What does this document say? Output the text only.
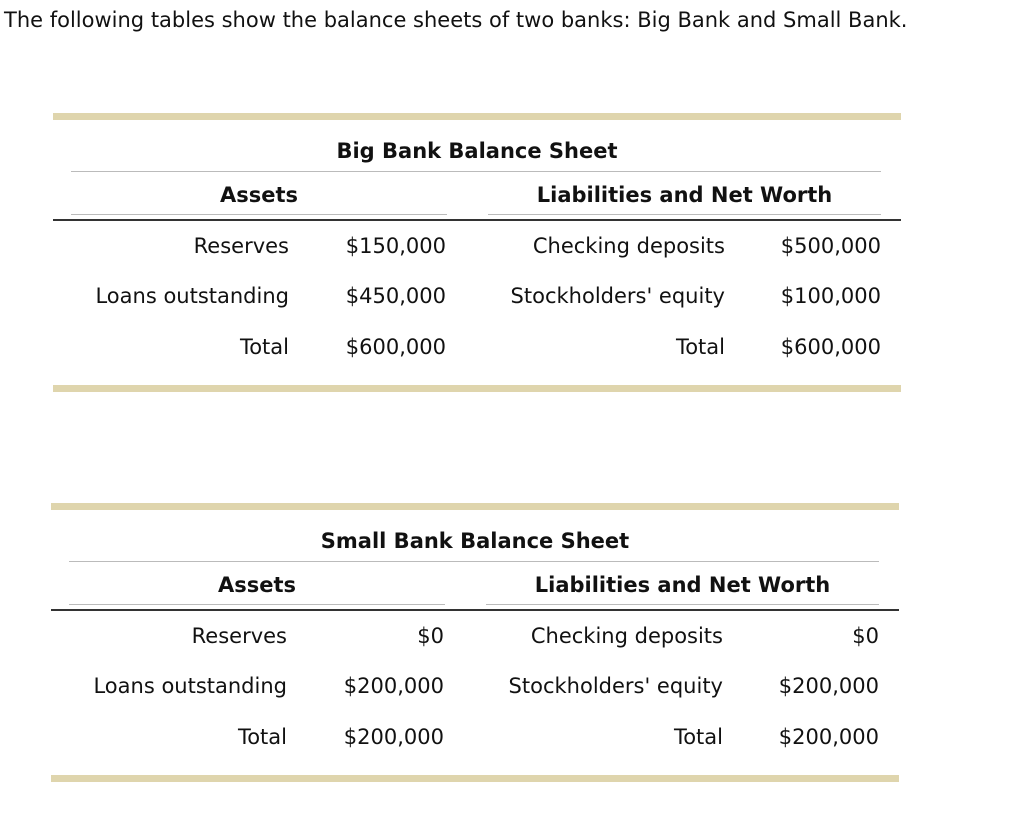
The following tables show the balance sheets of two banks: Big Bank and Small Bank.
Big Bank Balance Sheet
Assets	Liabilities and Net Worth
Reserves	$150,000	Checking deposits	$500,000
Loans outstanding	$450,000	Stockholders' equity	$100,000
Total	$600,000	Total	$600,000
Small Bank Balance Sheet
Assets	Liabilities and Net Worth
Reserves	$0	Checking deposits	$0
Loans outstanding	$200,000	Stockholders' equity	$200,000
Total	$200,000	Total	$200,000
